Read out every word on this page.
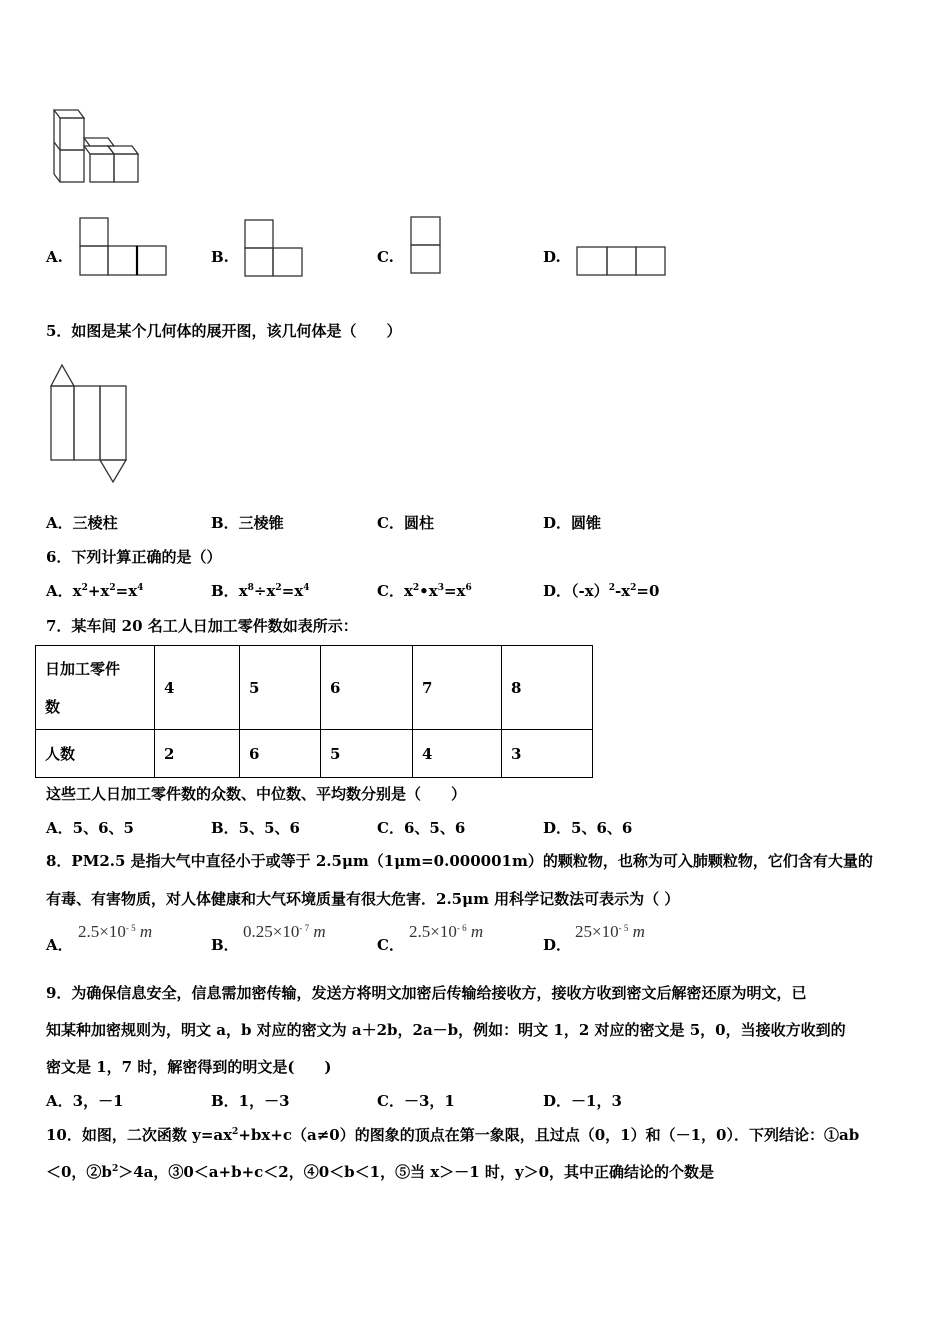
A.	B.	C.	D.
5．如图是某个几何体的展开图，该几何体是（　　）
A．三棱柱	B．三棱锥	C．圆柱	D．圆锥
6．下列计算正确的是（）
A．$x^2+x^2=x^4$	B．$x^8\div x^2=x^4$	C．$x^2•x^3=x^6$	D．$(-x)^2-x^2=0$
7．某车间 20 名工人日加工零件数如表所示：
日加工零件
数	4	5	6	7	8
人数	2	6	5	4	3
这些工人日加工零件数的众数、中位数、平均数分别是（　　）
A．5、6、5	B．5、5、6	C．6、5、6	D．5、6、6
8．PM2.5 是指大气中直径小于或等于 2.5μm（1μm=0.000001m）的颗粒物，也称为可入肺颗粒物，它们含有大量的
有毒、有害物质，对人体健康和大气环境质量有很大危害．2.5μm 用科学记数法可表示为（ ）
A．
$2.5\times 10^{- 5}$ m
B．
$0.25\times 10^{- 7}$ m
C．
$2.5\times 10^{- 6}$ m
D．
$25\times 10^{- 5}$ m
9．为确保信息安全，信息需加密传输，发送方将明文加密后传输给接收方，接收方收到密文后解密还原为明文，已
知某种加密规则为，明文 a，b 对应的密文为 a＋2b，2a－b，例如：明文 1，2 对应的密文是 5，0，当接收方收到的
密文是 1，7 时，解密得到的明文是(　　)
A．3，－1	B．1，－3	C．－3，1	D．－1，3
10．如图，二次函数 $y=ax^2+bx+c(a\ne 0)$的图象的顶点在第一象限，且过点（0，1）和（－1，0）．下列结论：①ab
＜0，$②b^2>4a$，③0＜a+b+c＜2，④0＜b＜1，⑤当 x＞－1 时，y＞0，其中正确结论的个数是
